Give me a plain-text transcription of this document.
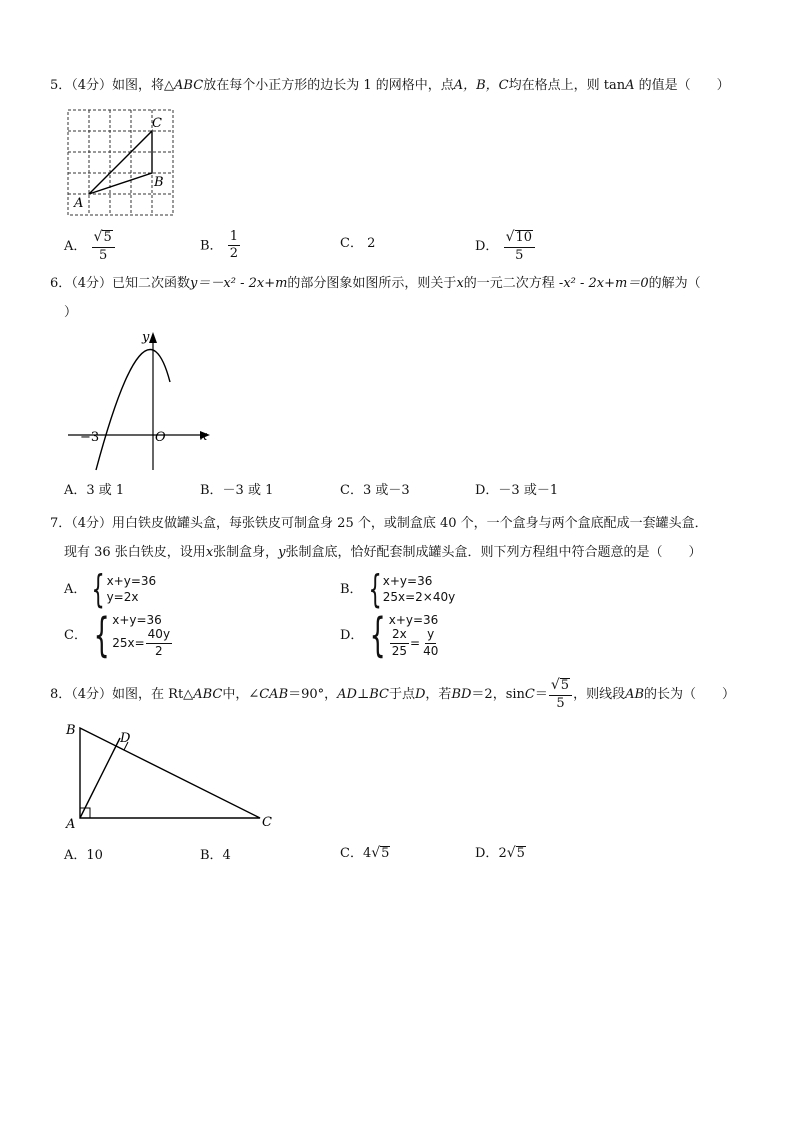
5．（4分）如图，将△ABC放在每个小正方形的边长为 1 的网格中，点A，B，C均在格点上，则 tanA 的值是（　　）
A
B
C
A． $\frac{√ 5}{5}$	B． $\frac{1}{2}$	C． 2	D． $\frac{√ 10}{5}$
6．（4分）已知二次函数y＝－x² - 2x+m的部分图象如图所示，则关于x的一元二次方程 -x² - 2x+m＝0的解为（
）
y
x
O
−3
A．3 或 1	B．－3 或 1	C．3 或－3	D．－3 或－1
7．（4分）用白铁皮做罐头盒，每张铁皮可制盒身 25 个，或制盒底 40 个，一个盒身与两个盒底配成一套罐头盒．
现有 36 张白铁皮，设用x张制盒身，y张制盒底，恰好配套制成罐头盒．则下列方程组中符合题意的是（　　）
A． { x+y=36
y=2x
B． { x+y=36
25x=2×40y
C． { x+y=36
$25x= \frac{40y}{2}$	D． { x+y=36
$\frac{2x}{25} = \frac{y}{40}$
8．（4分）如图，在 Rt△ ABC 中，∠ CAB ＝90°， AD ⊥ BC 于点 D ，若 BD ＝2，$\sin C = \frac{√ 5}{5}$ ，则线段 AB 的长为（　　）
B
D
A	C
A．10	B．4	C． 4 √ 5	D． 2 √ 5
